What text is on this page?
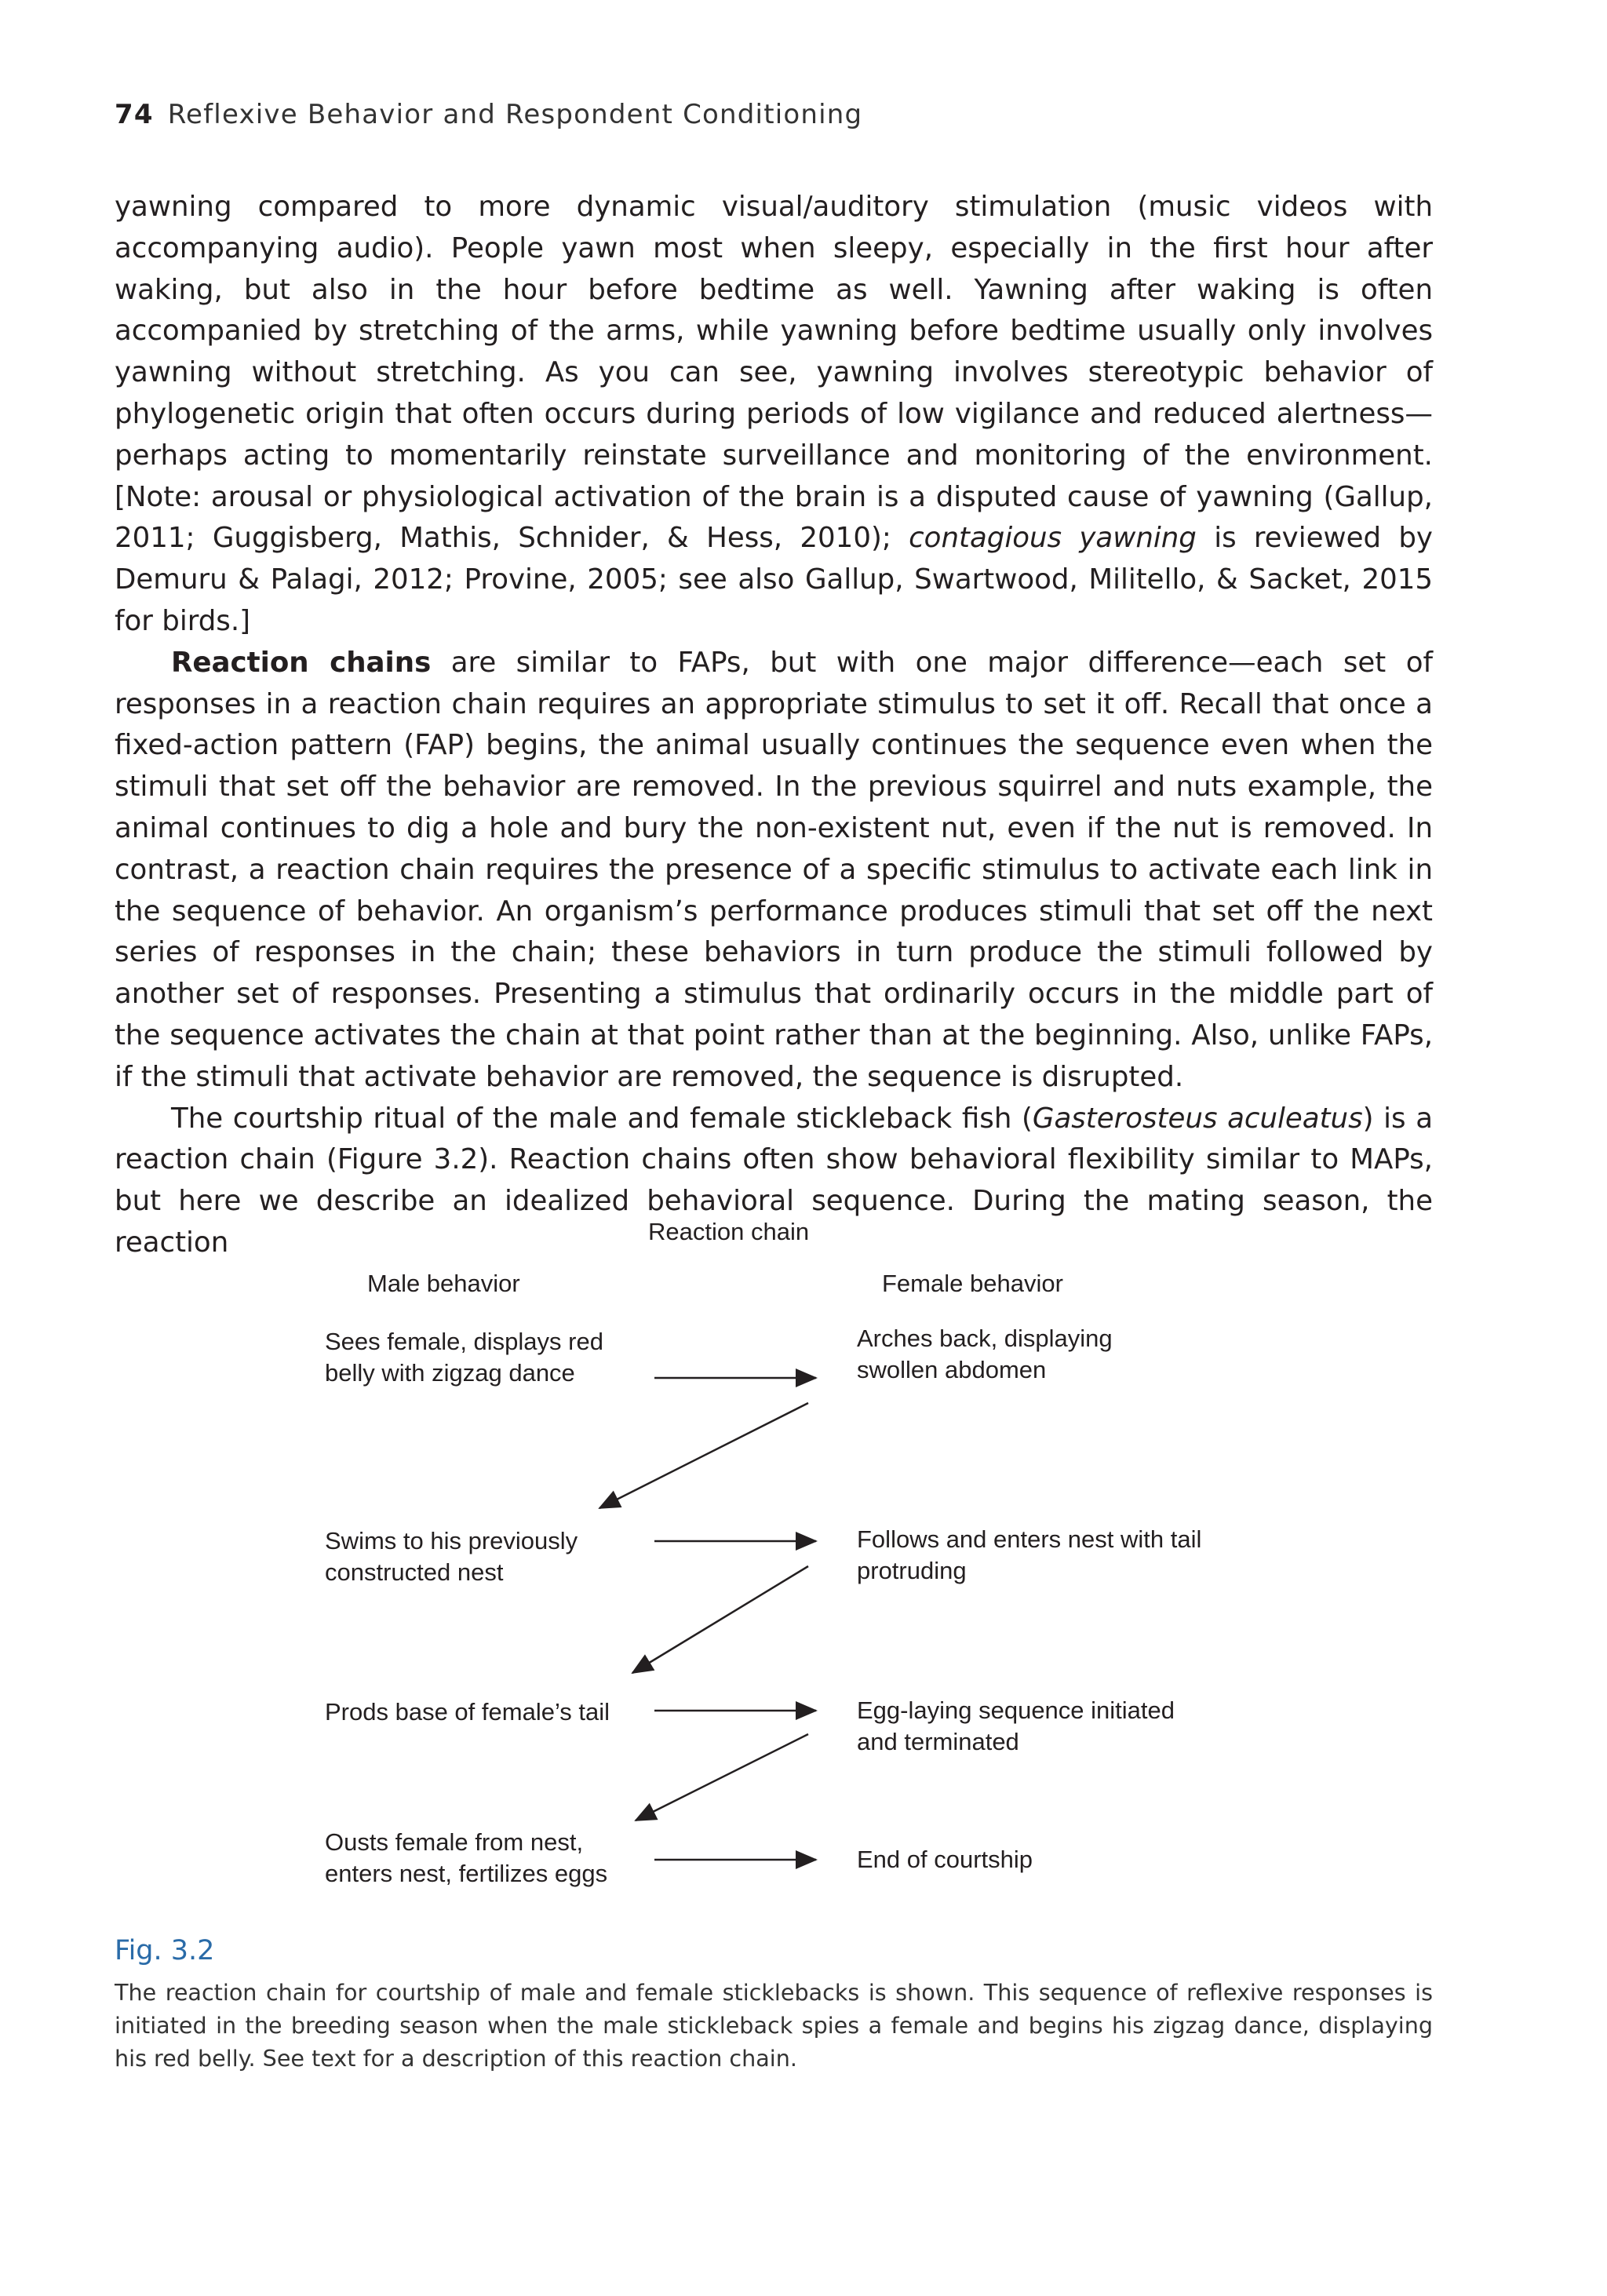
74 Reflexive Behavior and Respondent Conditioning

yawning compared to more dynamic visual/auditory stimulation (music videos with accompanying audio). People yawn most when sleepy, especially in the first hour after waking, but also in the hour before bedtime as well. Yawning after waking is often accompanied by stretching of the arms, while yawning before bedtime usually only involves yawning without stretching. As you can see, yawning involves stereotypic behavior of phylogenetic origin that often occurs during periods of low vigilance and reduced alertness—perhaps acting to momentarily reinstate surveillance and monitoring of the environment. [Note: arousal or physiological activation of the brain is a disputed cause of yawning (Gallup, 2011; Guggisberg, Mathis, Schnider, & Hess, 2010); contagious yawning is reviewed by Demuru & Palagi, 2012; Provine, 2005; see also Gallup, Swartwood, Militello, & Sacket, 2015 for birds.]

Reaction chains are similar to FAPs, but with one major difference—each set of responses in a reaction chain requires an appropriate stimulus to set it off. Recall that once a fixed-action pattern (FAP) begins, the animal usually continues the sequence even when the stimuli that set off the behavior are removed. In the previous squirrel and nuts example, the animal continues to dig a hole and bury the non-existent nut, even if the nut is removed. In contrast, a reaction chain requires the presence of a specific stimulus to activate each link in the sequence of behavior. An organism’s performance produces stimuli that set off the next series of responses in the chain; these behaviors in turn produce the stimuli followed by another set of responses. Presenting a stimulus that ordinarily occurs in the middle part of the sequence activates the chain at that point rather than at the beginning. Also, unlike FAPs, if the stimuli that activate behavior are removed, the sequence is disrupted.

The courtship ritual of the male and female stickleback fish (Gasterosteus aculeatus) is a reaction chain (Figure 3.2). Reaction chains often show behavioral flexibility similar to MAPs, but here we describe an idealized behavioral sequence. During the mating season, the reaction	Reaction chain
Male behavior	Female behavior
Sees female, displays red
belly with zigzag dance
Arches back, displaying
swollen abdomen
Swims to his previously
constructed nest
Follows and enters nest with tail
protruding
Prods base of female’s tail	Egg-laying sequence initiated
and terminated
Ousts female from nest,
enters nest, fertilizes eggs
End of courtship
Fig. 3.2

The reaction chain for courtship of male and female sticklebacks is shown. This sequence of reflexive responses is initiated in the breeding season when the male stickleback spies a female and begins his zigzag dance, displaying his red belly. See text for a description of this reaction chain.
